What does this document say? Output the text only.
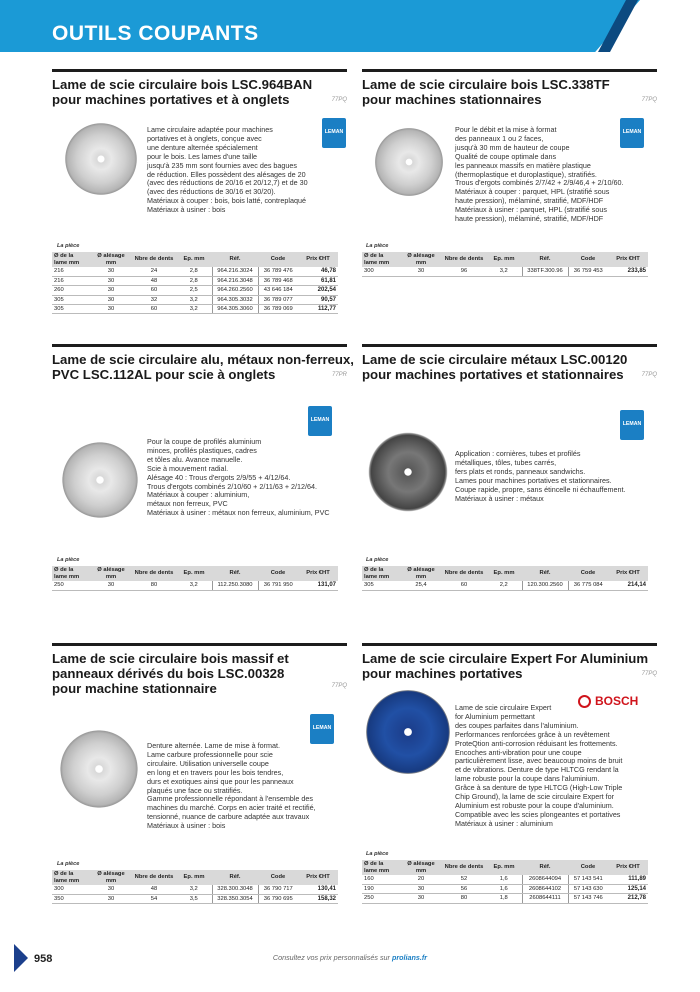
OUTILS COUPANTS
Lame de scie circulaire bois LSC.964BAN
pour machines portatives et à onglets	77PQ
LEMAN

Lame circulaire adaptée pour machines

portatives et à onglets, conçue avec

une denture alternée spécialement

pour le bois. Les lames d'une taille

jusqu'à 235 mm sont fournies avec des bagues

de réduction. Elles possèdent des alésages de 20

(avec des réductions de 20/16 et 20/12,7) et de 30

(avec des réductions de 30/16 et 30/20).

Matériaux à couper : bois, bois latté, contreplaqué

Matériaux à usiner : bois

La pièce
Ø de la lame mm	Ø alésage mm	Nbre de dents	Ep. mm	Réf.	Code	Prix €HT
216	30	24	2,8	964.216.3024	36 789 476	46,78
216	30	48	2,8	964.216.3048	36 789 468	61,81
260	30	60	2,5	964.260.2560	43 646 184	202,54
305	30	32	3,2	964.305.3032	36 789 077	90,57
305	30	60	3,2	964.305.3060	36 789 069	112,77
Lame de scie circulaire bois LSC.338TF
pour machines stationnaires	77PQ
LEMAN

Pour le débit et la mise à format

des panneaux 1 ou 2 faces,

jusqu'à 30 mm de hauteur de coupe

Qualité de coupe optimale dans

les panneaux massifs en matière plastique

(thermoplastique et duroplastique), stratifiés.

Trous d'ergots combinés 2/7/42 + 2/9/46,4 + 2/10/60.

Matériaux à couper : parquet, HPL (stratifié sous

haute pression), mélaminé, stratifié, MDF/HDF

Matériaux à usiner : parquet, HPL (stratifié sous

haute pression), mélaminé, stratifié, MDF/HDF

La pièce
Ø de la lame mm	Ø alésage mm	Nbre de dents	Ep. mm	Réf.	Code	Prix €HT
300	30	96	3,2	338TF.300.96	36 759 453	233,85
Lame de scie circulaire alu, métaux non-ferreux,
PVC LSC.112AL pour scie à onglets	77PR
LEMAN

Pour la coupe de profilés aluminium

minces, profilés plastiques, cadres

et tôles alu. Avance manuelle.

Scie à mouvement radial.

Alésage 40 : Trous d'ergots 2/9/55 + 4/12/64.

Trous d'ergots combinés 2/10/60 + 2/11/63 + 2/12/64.

Matériaux à couper : aluminium,

métaux non ferreux, PVC

Matériaux à usiner : métaux non ferreux, aluminium, PVC

La pièce
Ø de la lame mm	Ø alésage mm	Nbre de dents	Ep. mm	Réf.	Code	Prix €HT
250	30	80	3,2	112.250.3080	36 791 950	131,07
Lame de scie circulaire métaux LSC.00120
pour machines portatives et stationnaires	77PQ
LEMAN

Application : cornières, tubes et profilés

métalliques, tôles, tubes carrés,

fers plats et ronds, panneaux sandwichs.

Lames pour machines portatives et stationnaires.

Coupe rapide, propre, sans étincelle ni échauffement.

Matériaux à usiner : métaux

La pièce
Ø de la lame mm	Ø alésage mm	Nbre de dents	Ep. mm	Réf.	Code	Prix €HT
305	25,4	60	2,2	120.300.2560	36 775 084	214,14
Lame de scie circulaire bois massif et
panneaux dérivés du bois LSC.00328
pour machine stationnaire	77PQ
LEMAN

Denture alternée. Lame de mise à format.

Lame carbure professionnelle pour scie

circulaire. Utilisation universelle coupe

en long et en travers pour les bois tendres,

durs et exotiques ainsi que pour les panneaux

plaqués une face ou stratifiés.

Gamme professionnelle répondant à l'ensemble des

machines du marché. Corps en acier traité et rectifié,

tensionné, nuance de carbure adaptée aux travaux

Matériaux à usiner : bois

La pièce
Ø de la lame mm	Ø alésage mm	Nbre de dents	Ep. mm	Réf.	Code	Prix €HT
300	30	48	3,2	328.300.3048	36 790 717	130,41
350	30	54	3,5	328.350.3054	36 790 695	158,32
Lame de scie circulaire Expert For Aluminium
pour machines portatives	77PQ
BOSCH

Lame de scie circulaire Expert

for Aluminium permettant

des coupes parfaites dans l'aluminium.

Performances renforcées grâce à un revêtement

ProteQtion anti-corrosion réduisant les frottements.

Encoches anti-vibration pour une coupe

particulièrement lisse, avec beaucoup moins de bruit

et de vibrations. Denture de type HLTCG rendant la

lame robuste pour la coupe dans l'aluminium.

Grâce à sa denture de type HLTCG (High-Low Triple

Chip Ground), la lame de scie circulaire Expert for

Aluminium est robuste pour la coupe d'aluminium.

Compatible avec les scies plongeantes et portatives

Matériaux à usiner : aluminium

La pièce
Ø de la lame mm	Ø alésage mm	Nbre de dents	Ep. mm	Réf.	Code	Prix €HT
160	20	52	1,6	2608644094	57 143 541	111,89
190	30	56	1,6	2608644102	57 143 630	125,14
250	30	80	1,8	2608644111	57 143 746	212,78
958	Consultez vos prix personnalisés sur prolians.fr
